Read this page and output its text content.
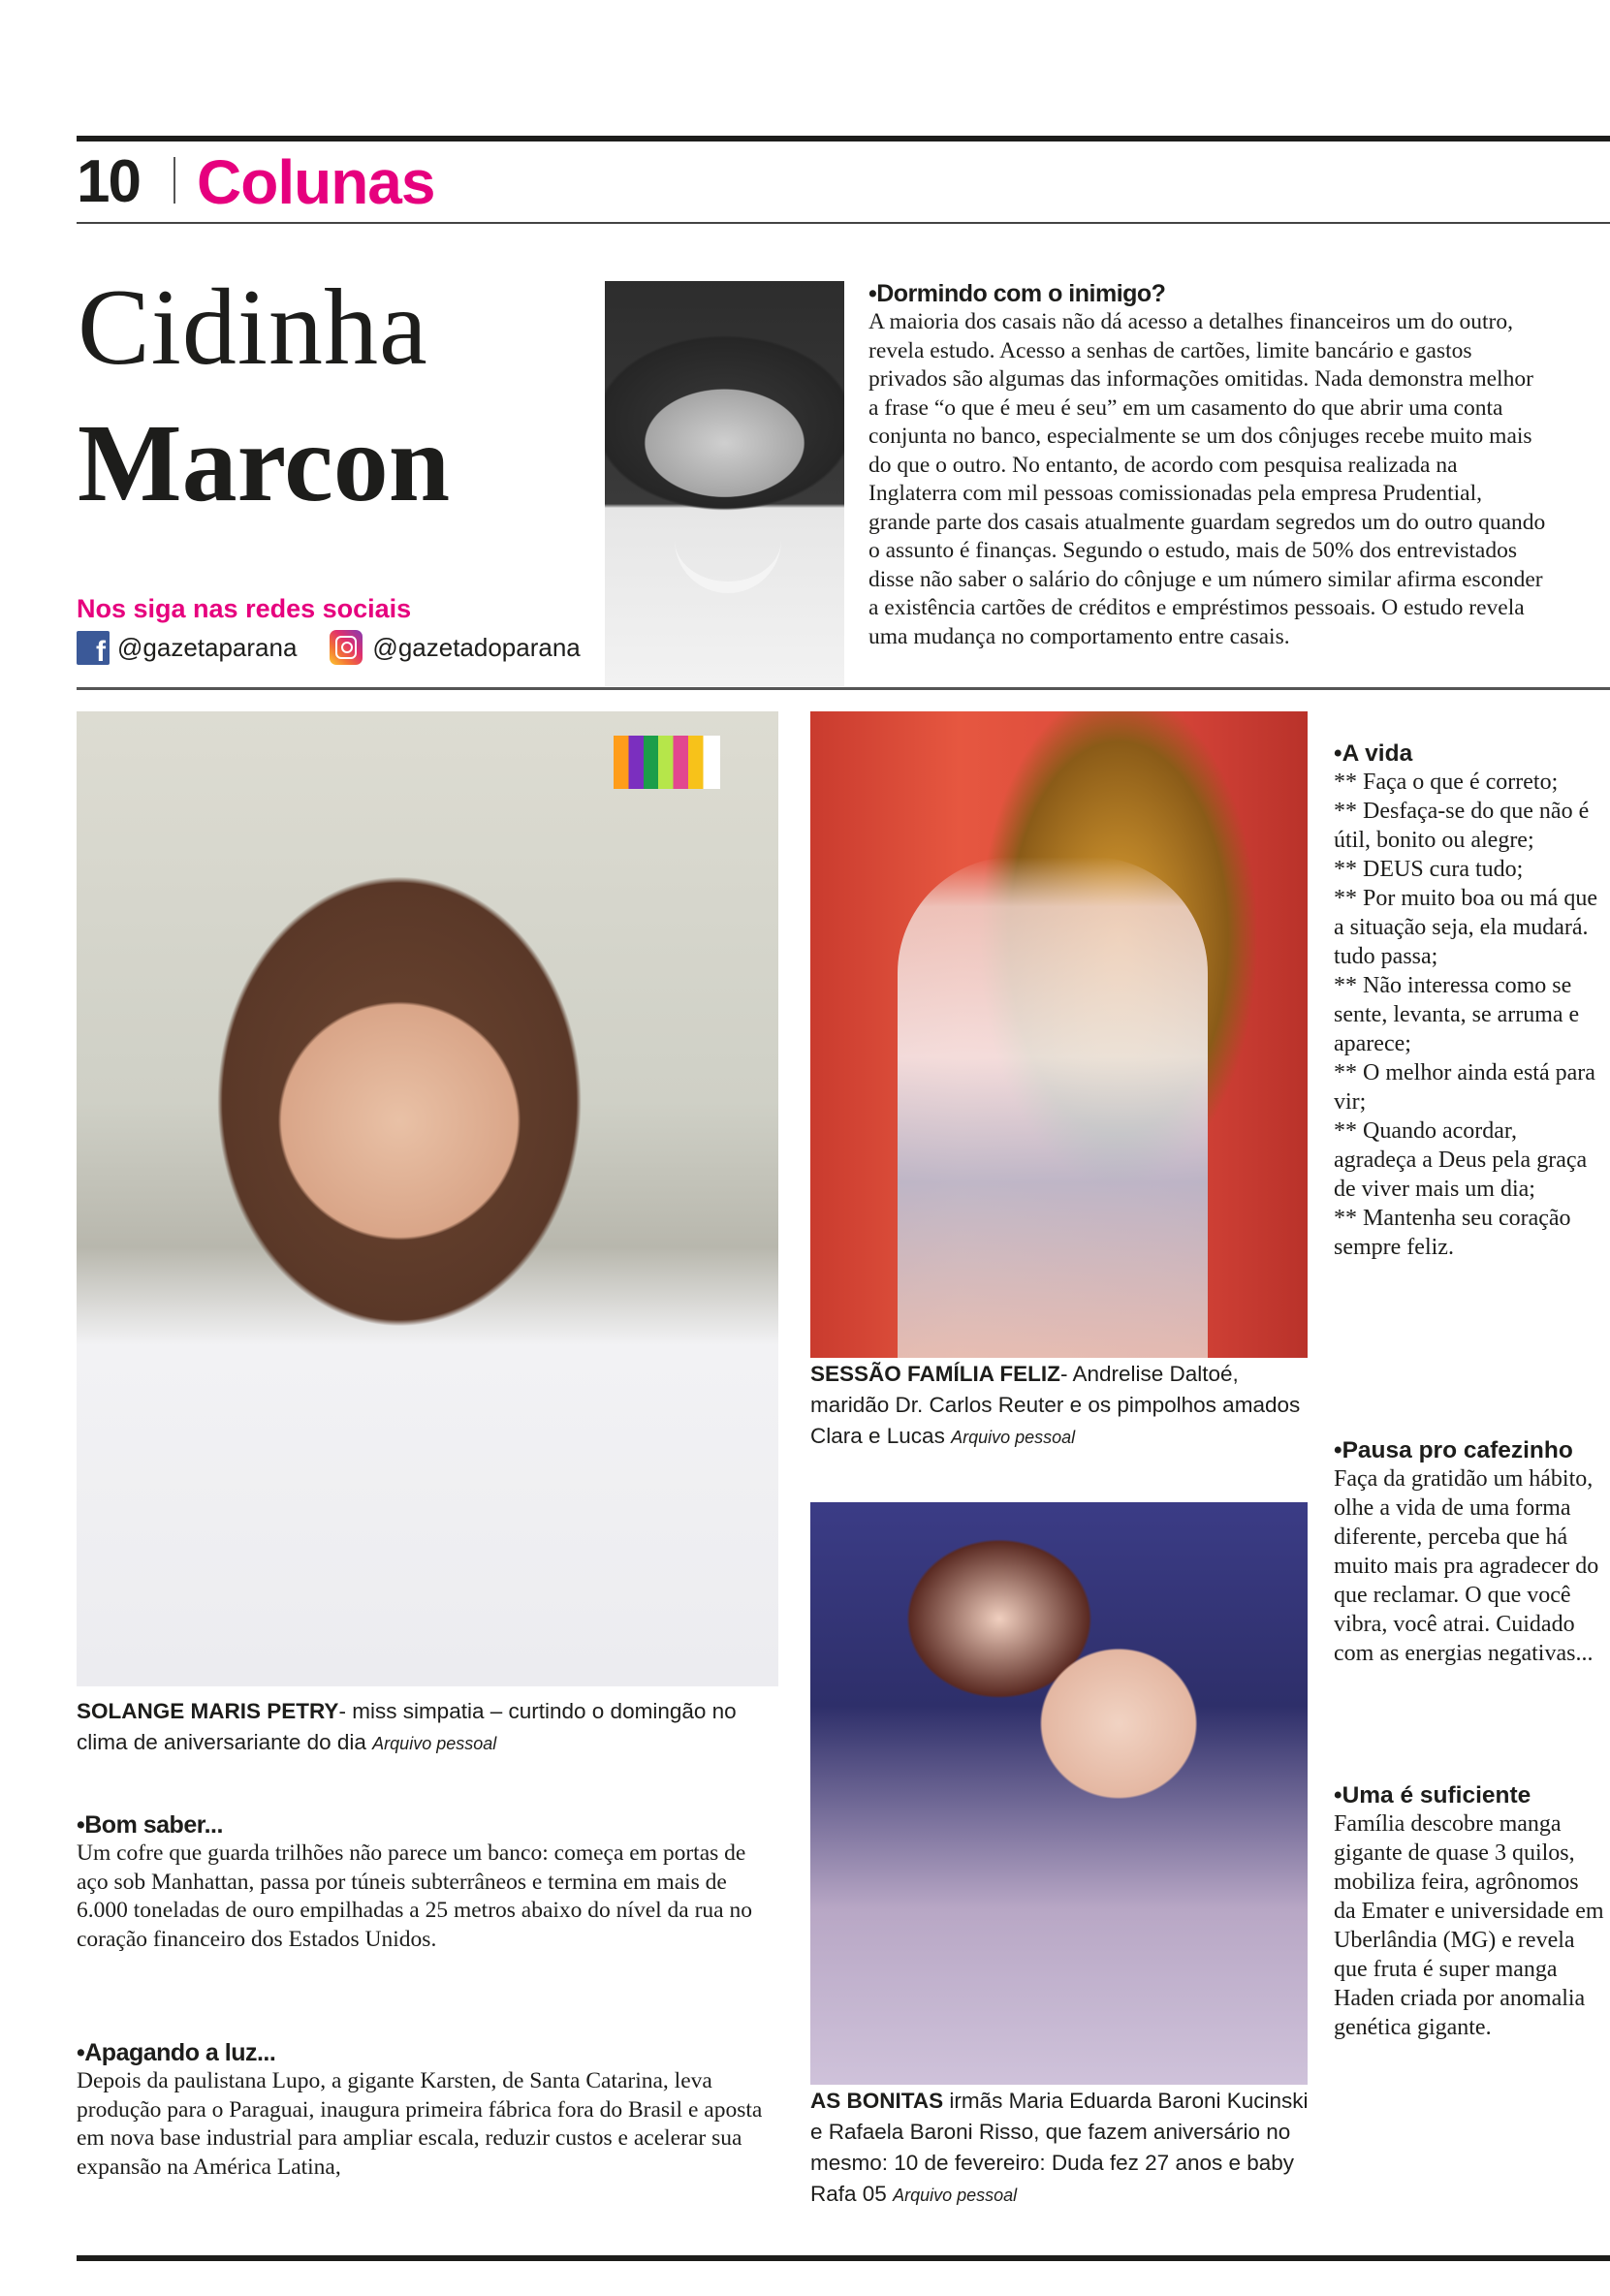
10 Colunas
Cidinha
Marcon
Nos siga nas redes sociais
f @gazetaparana	@gazetadoparana
•Dormindo com o inimigo?

A maioria dos casais não dá acesso a detalhes financeiros um do outro, revela estudo. Acesso a senhas de cartões, limite bancário e gastos privados são algumas das informações omitidas. Nada demonstra melhor a frase “o que é meu é seu” em um casamento do que abrir uma conta conjunta no banco, especialmente se um dos cônjuges recebe muito mais do que o outro. No entanto, de acordo com pesquisa realizada na Inglaterra com mil pessoas comissionadas pela empresa Prudential, grande parte dos casais atualmente guardam segredos um do outro quando o assunto é finanças. Segundo o estudo, mais de 50% dos entrevistados disse não saber o salário do cônjuge e um número similar afirma esconder a existência cartões de créditos e empréstimos pessoais. O estudo revela uma mudança no comportamento entre casais.

SOLANGE MARIS PETRY- miss simpatia – curtindo o domingão no clima de aniversariante do dia Arquivo pessoal
SESSÃO FAMÍLIA FELIZ- Andrelise Daltoé, maridão Dr. Carlos Reuter e os pimpolhos amados Clara e Lucas Arquivo pessoal
AS BONITAS irmãs Maria Eduarda Baroni Kucinski e Rafaela Baroni Risso, que fazem aniversário no mesmo: 10 de fevereiro: Duda fez 27 anos e baby Rafa 05 Arquivo pessoal
•Bom saber...

Um cofre que guarda trilhões não parece um banco: começa em portas de aço sob Manhattan, passa por túneis subterrâneos e termina em mais de 6.000 toneladas de ouro empilhadas a 25 metros abaixo do nível da rua no coração financeiro dos Estados Unidos.

•Apagando a luz...

Depois da paulistana Lupo, a gigante Karsten, de Santa Catarina, leva produção para o Paraguai, inaugura primeira fábrica fora do Brasil e aposta em nova base industrial para ampliar escala, reduzir custos e acelerar sua expansão na América Latina,

•A vida

** Faça o que é correto;

** Desfaça-se do que não é útil, bonito ou alegre;

** DEUS cura tudo;

** Por muito boa ou má que a situação seja, ela mudará. tudo passa;

** Não interessa como se sente, levanta, se arruma e aparece;

** O melhor ainda está para vir;

** Quando acordar, agradeça a Deus pela graça de viver mais um dia;

** Mantenha seu coração sempre feliz.

•Pausa pro cafezinho

Faça da gratidão um hábito, olhe a vida de uma forma diferente, perceba que há muito mais pra agradecer do que reclamar. O que você vibra, você atrai. Cuidado com as energias negativas...

•Uma é suficiente

Família descobre manga gigante de quase 3 quilos, mobiliza feira, agrônomos da Emater e universidade em Uberlândia (MG) e revela que fruta é super manga Haden criada por anomalia genética gigante.
